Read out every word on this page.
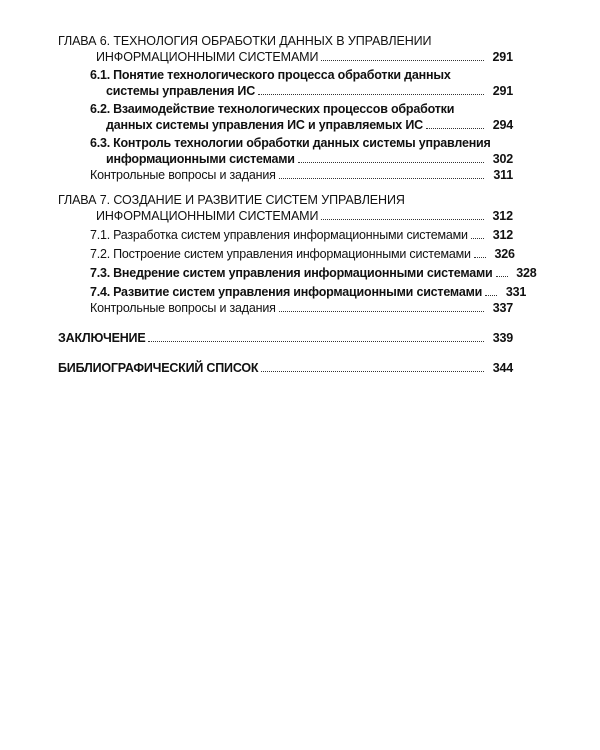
ГЛАВА 6. ТЕХНОЛОГИЯ ОБРАБОТКИ ДАННЫХ В УПРАВЛЕНИИ
ИНФОРМАЦИОННЫМИ СИСТЕМАМИ	291
6.1. Понятие технологического процесса обработки данных
системы управления ИС	291
6.2. Взаимодействие технологических процессов обработки
данных системы управления ИС и управляемых ИС	294
6.3. Контроль технологии обработки данных системы управления
информационными системами	302
Контрольные вопросы и задания	311
ГЛАВА 7. СОЗДАНИЕ И РАЗВИТИЕ СИСТЕМ УПРАВЛЕНИЯ
ИНФОРМАЦИОННЫМИ СИСТЕМАМИ	312
7.1. Разработка систем управления информационными системами	312
7.2. Построение систем управления информационными системами	326
7.3. Внедрение систем управления информационными системами	328
7.4. Развитие систем управления информационными системами	331
Контрольные вопросы и задания	337
ЗАКЛЮЧЕНИЕ	339
БИБЛИОГРАФИЧЕСКИЙ СПИСОК	344
